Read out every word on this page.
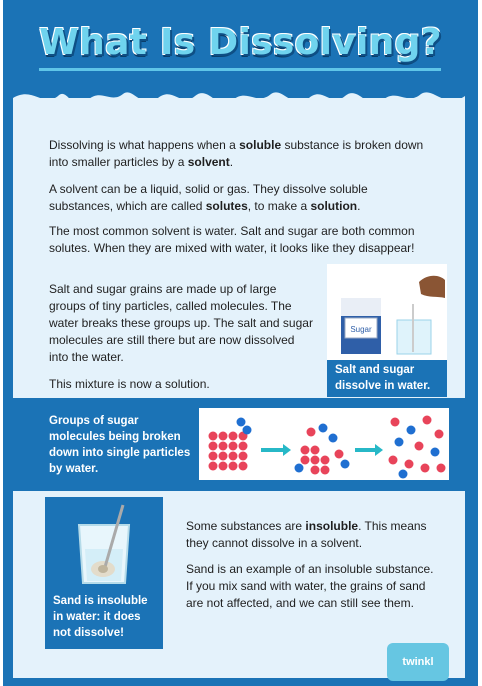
What Is Dissolving?

Dissolving is what happens when a soluble substance is broken down into smaller particles by a solvent.

A solvent can be a liquid, solid or gas. They dissolve soluble substances, which are called solutes, to make a solution.

The most common solvent is water. Salt and sugar are both common solutes. When they are mixed with water, it looks like they disappear!

Salt and sugar grains are made up of large groups of tiny particles, called molecules. The water breaks these groups up. The salt and sugar molecules are still there but are now dissolved into the water.

This mixture is now a solution.

Sugar
Salt and sugar dissolve in water.
Groups of sugar molecules being broken down into single particles by water.
Sand is insoluble in water: it does not dissolve!

Some substances are insoluble. This means they cannot dissolve in a solvent.

Sand is an example of an insoluble substance. If you mix sand with water, the grains of sand are not affected, and we can still see them.

twinkl
